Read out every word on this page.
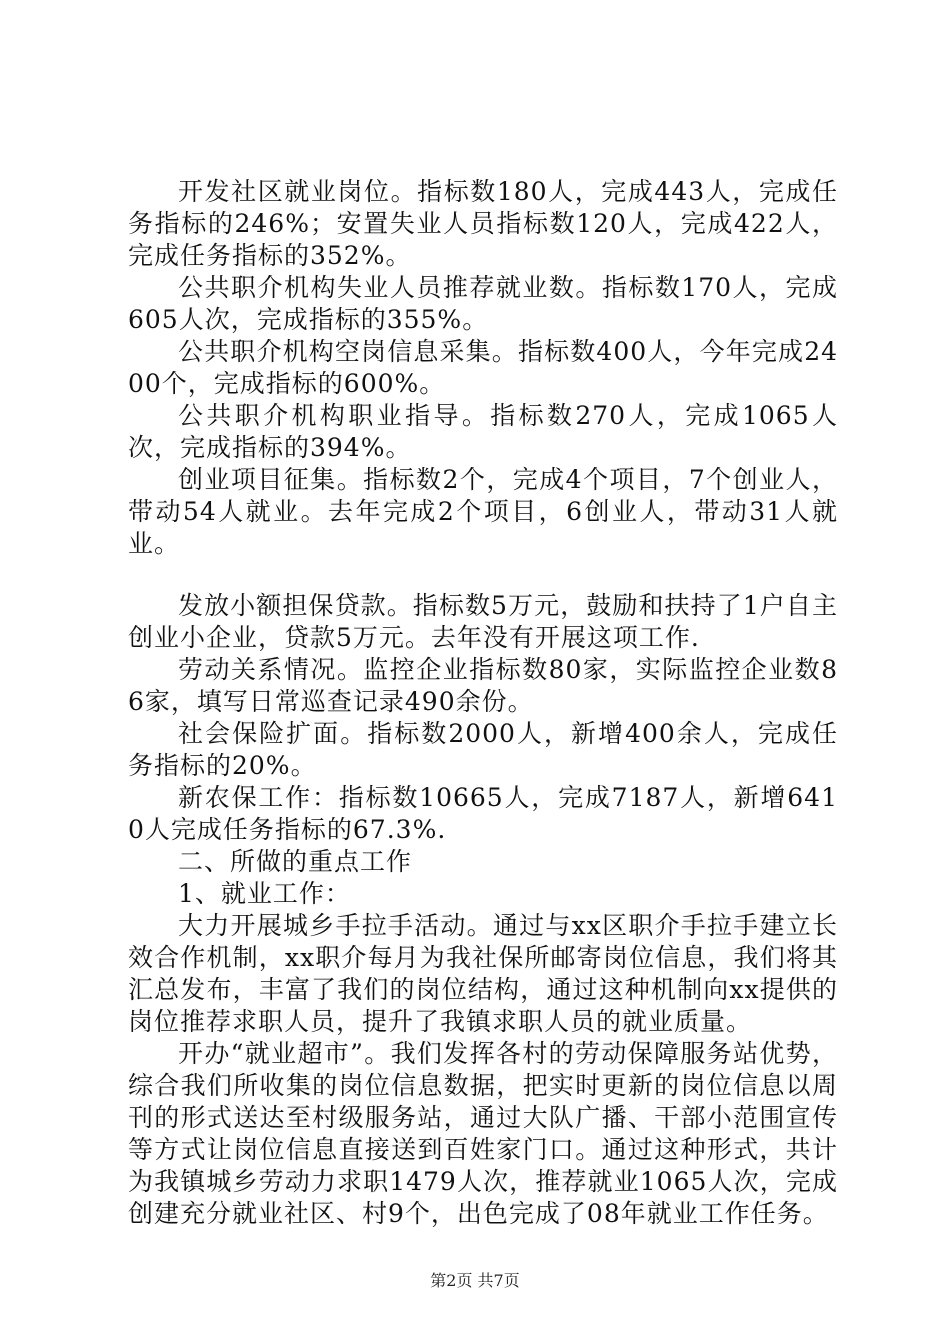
开发社区就业岗位。指标数180人，完成443人，完成任务指标的246%；安置失业人员指标数120人，完成422人，完成任务指标的352%。

公共职介机构失业人员推荐就业数。指标数170人，完成605人次，完成指标的355%。

公共职介机构空岗信息采集。指标数400人，今年完成2400个，完成指标的600%。

公共职介机构职业指导。指标数270人，完成1065人次，完成指标的394%。

创业项目征集。指标数2个，完成4个项目，7个创业人，带动54人就业。去年完成2个项目，6创业人，带动31人就业。

发放小额担保贷款。指标数5万元，鼓励和扶持了1户自主创业小企业，贷款5万元。去年没有开展这项工作.

劳动关系情况。监控企业指标数80家，实际监控企业数86家，填写日常巡查记录490余份。

社会保险扩面。指标数2000人，新增400余人，完成任务指标的20%。

新农保工作：指标数10665人，完成7187人，新增6410人完成任务指标的67.3%.

二、所做的重点工作

1、就业工作：

大力开展城乡手拉手活动。通过与xx区职介手拉手建立长效合作机制，xx职介每月为我社保所邮寄岗位信息，我们将其汇总发布，丰富了我们的岗位结构，通过这种机制向xx提供的岗位推荐求职人员，提升了我镇求职人员的就业质量。

开办“就业超市”。我们发挥各村的劳动保障服务站优势，综合我们所收集的岗位信息数据，把实时更新的岗位信息以周刊的形式送达至村级服务站，通过大队广播、干部小范围宣传等方式让岗位信息直接送到百姓家门口。通过这种形式，共计为我镇城乡劳动力求职1479人次，推荐就业1065人次，完成创建充分就业社区、村9个，出色完成了08年就业工作任务。

第2页 共7页
